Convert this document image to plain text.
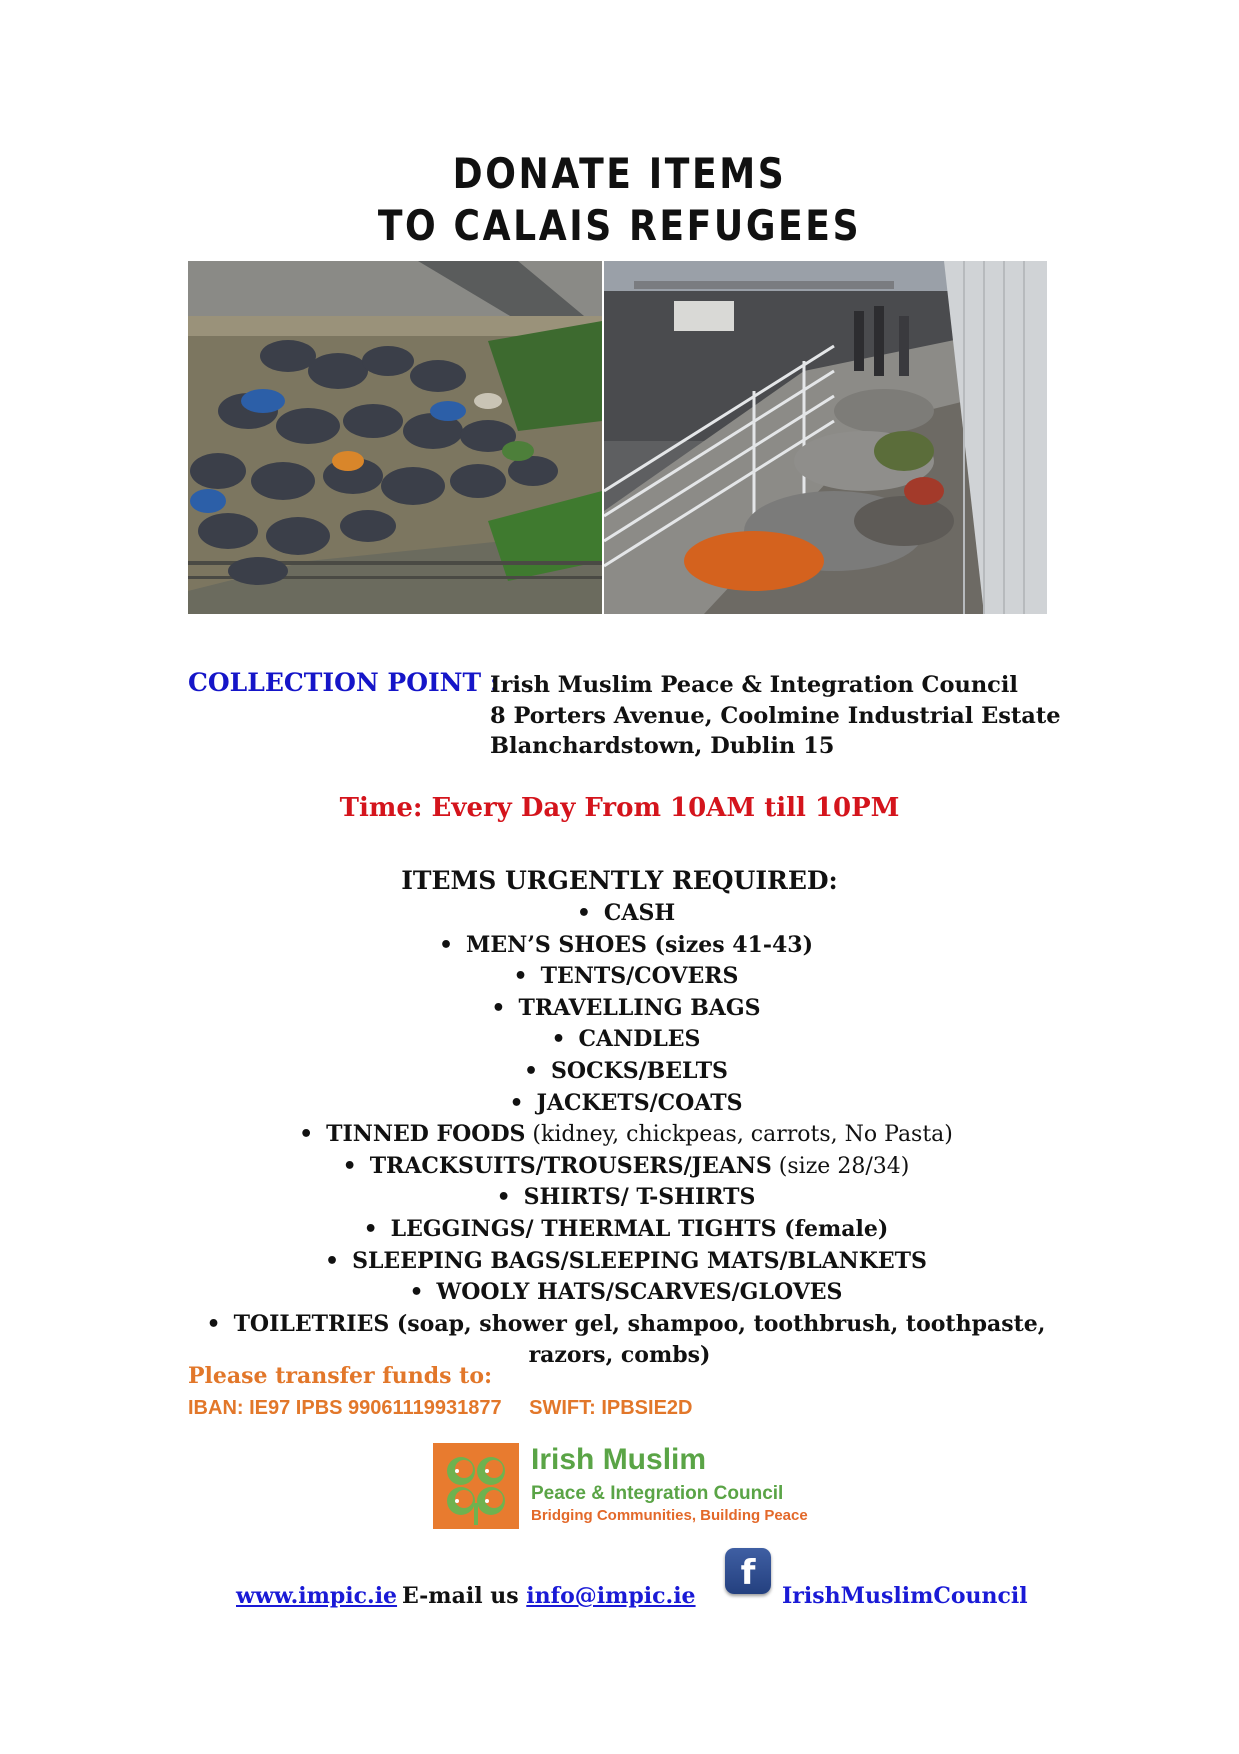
DONATE ITEMS
TO CALAIS REFUGEES
COLLECTION POINT :
Irish Muslim Peace & Integration Council
8 Porters Avenue, Coolmine Industrial Estate
Blanchardstown, Dublin 15
Time: Every Day From 10AM till 10PM
ITEMS URGENTLY REQUIRED:
• CASH
• MEN’S SHOES (sizes 41-43)
• TENTS/COVERS
• TRAVELLING BAGS
• CANDLES
• SOCKS/BELTS
• JACKETS/COATS
• TINNED FOODS (kidney, chickpeas, carrots, No Pasta)
• TRACKSUITS/TROUSERS/JEANS (size 28/34)
• SHIRTS/ T-SHIRTS
• LEGGINGS/ THERMAL TIGHTS (female)
• SLEEPING BAGS/SLEEPING MATS/BLANKETS
• WOOLY HATS/SCARVES/GLOVES
• TOILETRIES (soap, shower gel, shampoo, toothbrush, toothpaste,
razors, combs)
Please transfer funds to:
IBAN: IE97 IPBS 99061119931877 SWIFT: IPBSIE2D
Irish Muslim
Peace & Integration Council
Bridging Communities, Building Peace
www.impic.ie E-mail us info@impic.ie
f
IrishMuslimCouncil
